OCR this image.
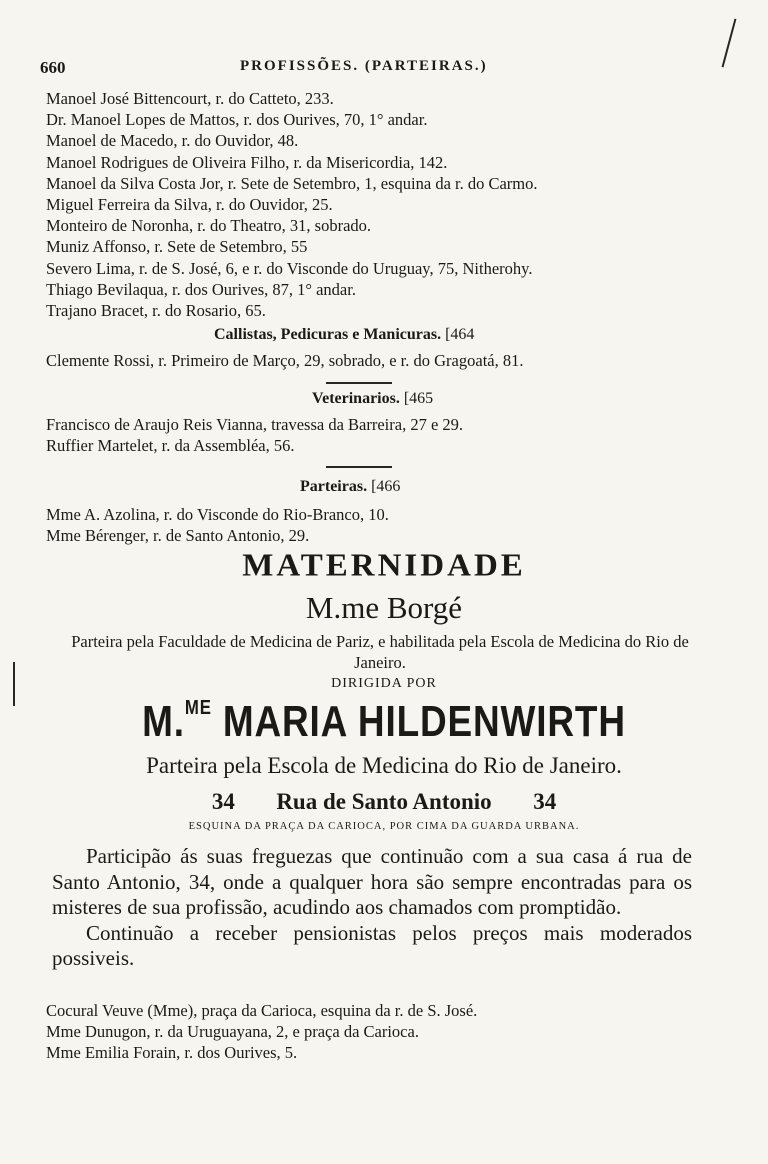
660	PROFISSÕES. (PARTEIRAS.)
Manoel José Bittencourt, r. do Catteto, 233.
Dr. Manoel Lopes de Mattos, r. dos Ourives, 70, 1° andar.
Manoel de Macedo, r. do Ouvidor, 48.
Manoel Rodrigues de Oliveira Filho, r. da Misericordia, 142.
Manoel da Silva Costa Jor, r. Sete de Setembro, 1, esquina da r. do Carmo.
Miguel Ferreira da Silva, r. do Ouvidor, 25.
Monteiro de Noronha, r. do Theatro, 31, sobrado.
Muniz Affonso, r. Sete de Setembro, 55
Severo Lima, r. de S. José, 6, e r. do Visconde do Uruguay, 75, Nitherohy.
Thiago Bevilaqua, r. dos Ourives, 87, 1° andar.
Trajano Bracet, r. do Rosario, 65.
Callistas, Pedicuras e Manicuras. [464
Clemente Rossi, r. Primeiro de Março, 29, sobrado, e r. do Gragoatá, 81.
Veterinarios. [465
Francisco de Araujo Reis Vianna, travessa da Barreira, 27 e 29.
Ruffier Martelet, r. da Assembléa, 56.
Parteiras. [466
Mme A. Azolina, r. do Visconde do Rio-Branco, 10.
Mme Bérenger, r. de Santo Antonio, 29.
MATERNIDADE
M.me Borgé
Parteira pela Faculdade de Medicina de Pariz, e habilitada pela Escola de Medicina do Rio de Janeiro.
DIRIGIDA POR
M.$^{ME}$ MARIA HILDENWIRTH
Parteira pela Escola de Medicina do Rio de Janeiro.
34 Rua de Santo Antonio 34
ESQUINA DA PRAÇA DA CARIOCA, POR CIMA DA GUARDA URBANA.

Participão ás suas freguezas que continuão com a sua casa á rua de Santo Antonio, 34, onde a qualquer hora são sempre encontradas para os misteres de sua profissão, acudindo aos chamados com promptidão.

Continuão a receber pensionistas pelos preços mais moderados possiveis.

Cocural Veuve (Mme), praça da Carioca, esquina da r. de S. José.
Mme Dunugon, r. da Uruguayana, 2, e praça da Carioca.
Mme Emilia Forain, r. dos Ourives, 5.
